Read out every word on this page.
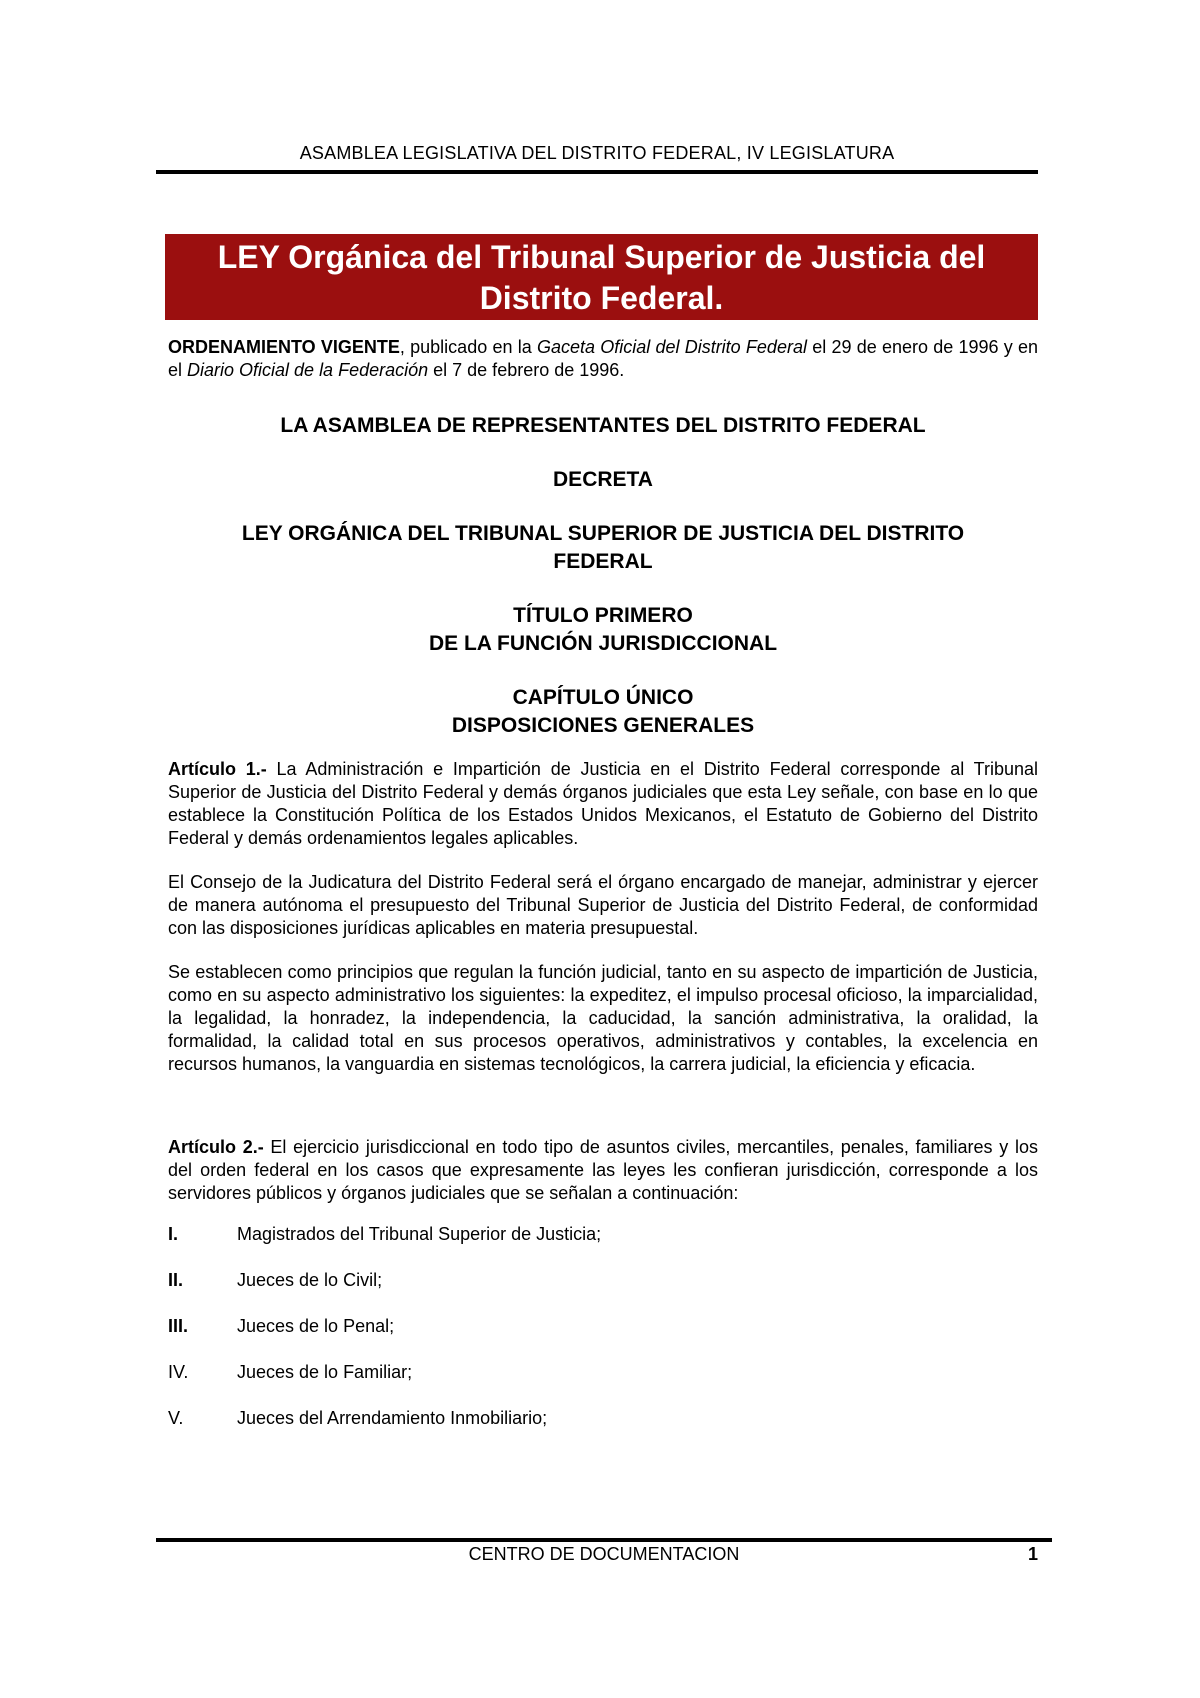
ASAMBLEA LEGISLATIVA DEL DISTRITO FEDERAL, IV LEGISLATURA
LEY Orgánica del Tribunal Superior de Justicia del
Distrito Federal.

ORDENAMIENTO VIGENTE, publicado en la Gaceta Oficial del Distrito Federal el 29 de enero de 1996 y en el Diario Oficial de la Federación el 7 de febrero de 1996.

LA ASAMBLEA DE REPRESENTANTES DEL DISTRITO FEDERAL

DECRETA

LEY ORGÁNICA DEL TRIBUNAL SUPERIOR DE JUSTICIA DEL DISTRITO
FEDERAL

TÍTULO PRIMERO
DE LA FUNCIÓN JURISDICCIONAL

CAPÍTULO ÚNICO
DISPOSICIONES GENERALES

Artículo 1.- La Administración e Impartición de Justicia en el Distrito Federal corresponde al Tribunal Superior de Justicia del Distrito Federal y demás órganos judiciales que esta Ley señale, con base en lo que establece la Constitución Política de los Estados Unidos Mexicanos, el Estatuto de Gobierno del Distrito Federal y demás ordenamientos legales aplicables.

El Consejo de la Judicatura del Distrito Federal será el órgano encargado de manejar, administrar y ejercer de manera autónoma el presupuesto del Tribunal Superior de Justicia del Distrito Federal, de conformidad con las disposiciones jurídicas aplicables en materia presupuestal.

Se establecen como principios que regulan la función judicial, tanto en su aspecto de impartición de Justicia, como en su aspecto administrativo los siguientes: la expeditez, el impulso procesal oficioso, la imparcialidad, la legalidad, la honradez, la independencia, la caducidad, la sanción administrativa, la oralidad, la formalidad, la calidad total en sus procesos operativos, administrativos y contables, la excelencia en recursos humanos, la vanguardia en sistemas tecnológicos, la carrera judicial, la eficiencia y eficacia.

Artículo 2.- El ejercicio jurisdiccional en todo tipo de asuntos civiles, mercantiles, penales, familiares y los del orden federal en los casos que expresamente las leyes les confieran jurisdicción, corresponde a los servidores públicos y órganos judiciales que se señalan a continuación:

I.	Magistrados del Tribunal Superior de Justicia;
II.	Jueces de lo Civil;
III.	Jueces de lo Penal;
IV.	Jueces de lo Familiar;
V.	Jueces del Arrendamiento Inmobiliario;
CENTRO DE DOCUMENTACION	1
